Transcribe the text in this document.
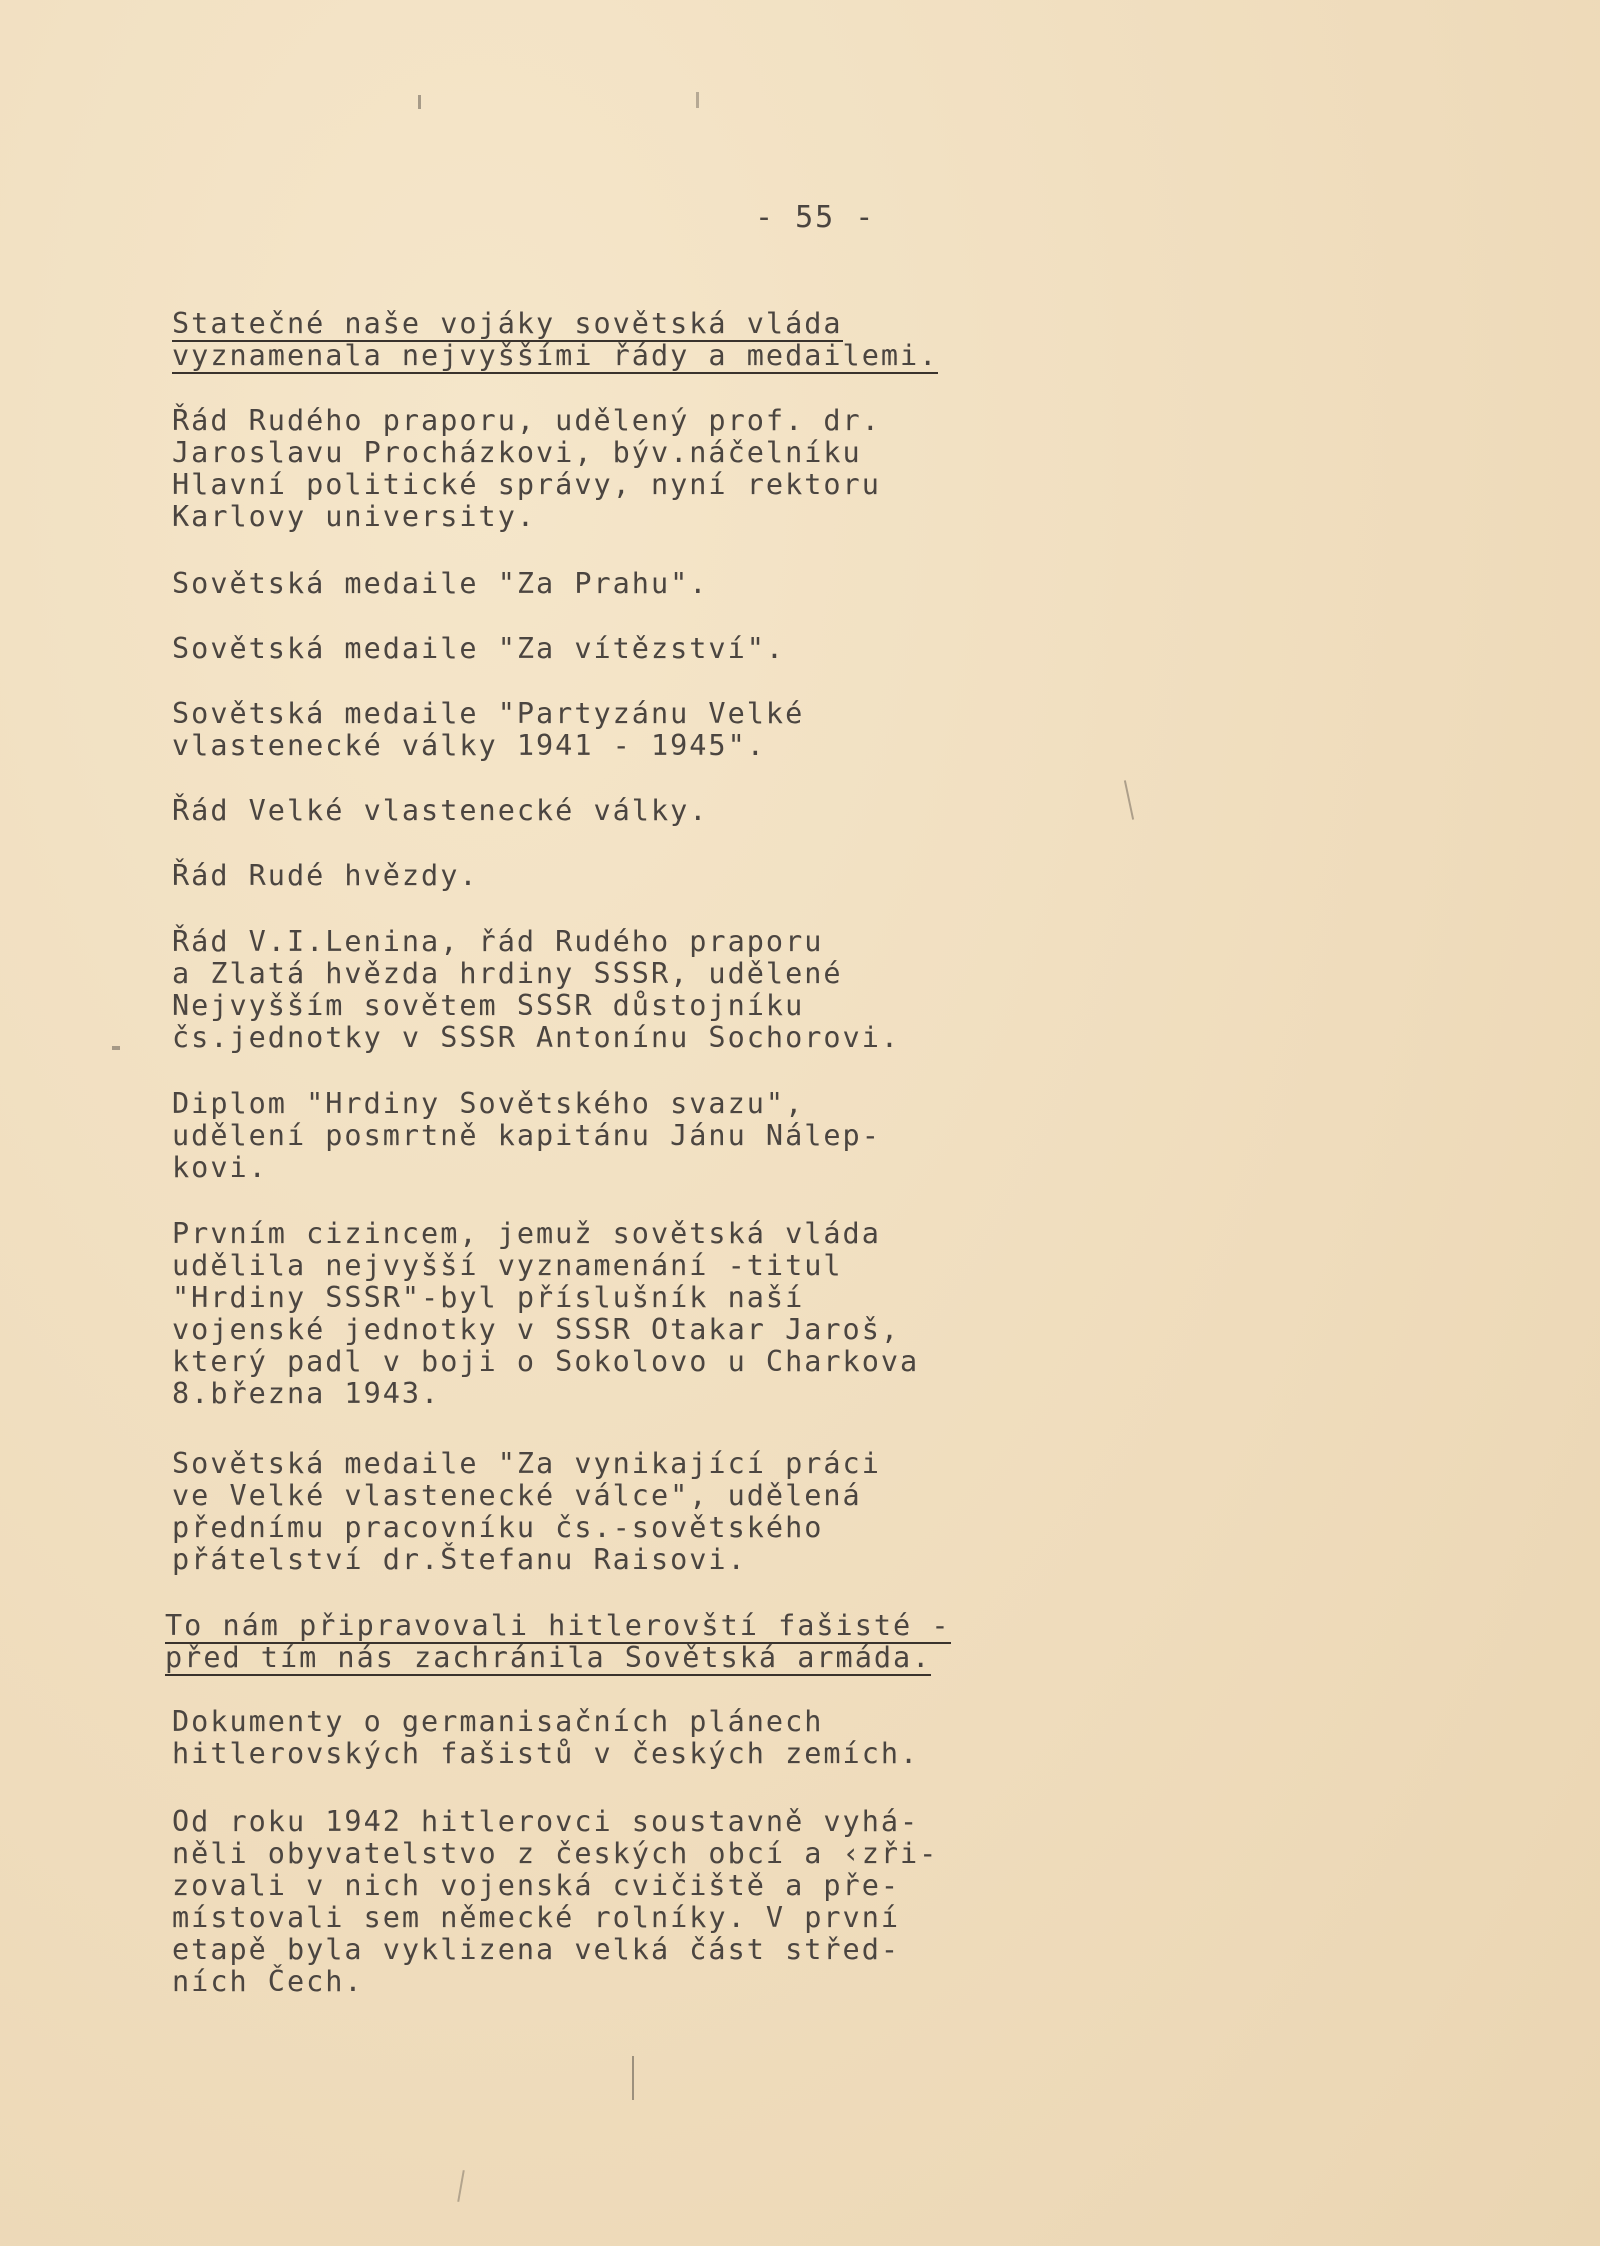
- 55 -
Statečné naše vojáky sovětská vláda
vyznamenala nejvyššími řády a medailemi.
Řád Rudého praporu, udělený prof. dr.
Jaroslavu Procházkovi, býv.náčelníku
Hlavní politické správy, nyní rektoru
Karlovy university.
Sovětská medaile "Za Prahu".
Sovětská medaile "Za vítězství".
Sovětská medaile "Partyzánu Velké
vlastenecké války 1941 - 1945".
Řád Velké vlastenecké války.
Řád Rudé hvězdy.
Řád V.I.Lenina, řád Rudého praporu
a Zlatá hvězda hrdiny SSSR, udělené
Nejvyšším sovětem SSSR důstojníku
čs.jednotky v SSSR Antonínu Sochorovi.
Diplom "Hrdiny Sovětského svazu",
udělení posmrtně kapitánu Jánu Nálep-
kovi.
Prvním cizincem, jemuž sovětská vláda
udělila nejvyšší vyznamenání -titul
"Hrdiny SSSR"-byl příslušník naší
vojenské jednotky v SSSR Otakar Jaroš,
který padl v boji o Sokolovo u Charkova
8.března 1943.
Sovětská medaile "Za vynikající práci
ve Velké vlastenecké válce", udělená
přednímu pracovníku čs.-sovětského
přátelství dr.Štefanu Raisovi.
To nám připravovali hitlerovští fašisté -
před tím nás zachránila Sovětská armáda.
Dokumenty o germanisačních plánech
hitlerovských fašistů v českých zemích.
Od roku 1942 hitlerovci soustavně vyhá-
něli obyvatelstvo z českých obcí a ‹zři-
zovali v nich vojenská cvičiště a pře-
místovali sem německé rolníky. V první
etapě byla vyklizena velká část střed-
ních Čech.
